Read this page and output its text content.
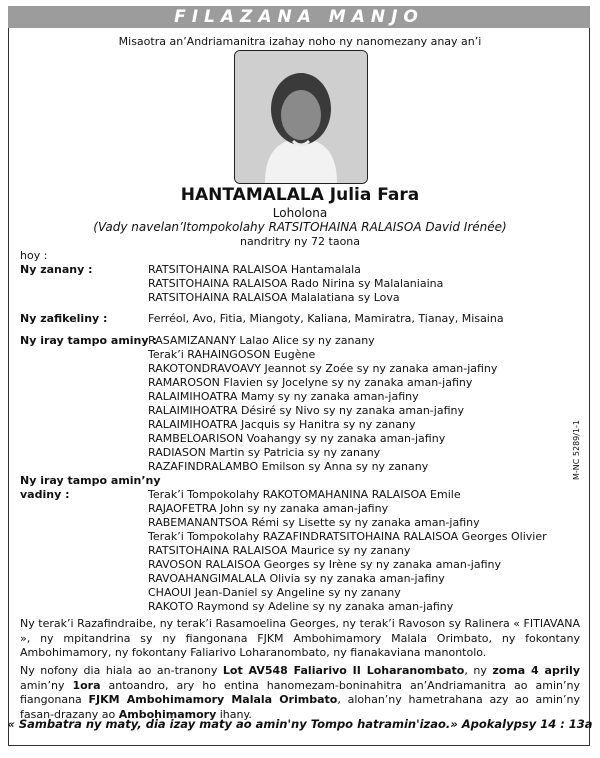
FILAZANA MANJO
Misaotra an’Andriamanitra izahay noho ny nanomezany anay an’i
HANTAMALALA Julia Fara
Loholona
(Vady navelan’Itompokolahy RATSITOHAINA RALAISOA David Irénée)
nandritry ny 72 taona
hoy :
Ny zanany :	RATSITOHAINA RALAISOA Hantamalala
RATSITOHAINA RALAISOA Rado Nirina sy Malalaniaina
RATSITOHAINA RALAISOA Malalatiana sy Lova
Ny zafikeliny :	Ferréol, Avo, Fitia, Miangoty, Kaliana, Mamiratra, Tianay, Misaina
Ny iray tampo aminy :
RASAMIZANANY Lalao Alice sy ny zanany
Terak’i RAHAINGOSON Eugène
RAKOTONDRAVOAVY Jeannot sy Zoée sy ny zanaka aman-jafiny
RAMAROSON Flavien sy Jocelyne sy ny zanaka aman-jafiny
RALAIMIHOATRA Mamy sy ny zanaka aman-jafiny
RALAIMIHOATRA Désiré sy Nivo sy ny zanaka aman-jafiny
RALAIMIHOATRA Jacquis sy Hanitra sy ny zanany
RAMBELOARISON Voahangy sy ny zanaka aman-jafiny
RADIASON Martin sy Patricia sy ny zanany
RAZAFINDRALAMBO Emilson sy Anna sy ny zanany
Ny iray tampo amin’ny
vadiny :	Terak’i Tompokolahy RAKOTOMAHANINA RALAISOA Emile
RAJAOFETRA John sy ny zanaka aman-jafiny
RABEMANANTSOA Rémi sy Lisette sy ny zanaka aman-jafiny
Terak’i Tompokolahy RAZAFINDRATSITOHAINA RALAISOA Georges Olivier
RATSITOHAINA RALAISOA Maurice sy ny zanany
RAVOSON RALAISOA Georges sy Irène sy ny zanaka aman-jafiny
RAVOAHANGIMALALA Olivia sy ny zanaka aman-jafiny
CHAOUI Jean-Daniel sy Angeline sy ny zanany
RAKOTO Raymond sy Adeline sy ny zanaka aman-jafiny
Ny terak’i Razafindraibe, ny terak’i Rasamoelina Georges, ny terak’i Ravoson sy Ralinera « FITIAVANA », ny mpitandrina sy ny fiangonana FJKM Ambohimamory Malala Orimbato, ny fokontany Ambohimamory, ny fokontany Faliarivo Loharanombato, ny fianakaviana manontolo.
Ny nofony dia hiala ao an-tranony Lot AV548 Faliarivo II Loharanombato, ny zoma 4 aprily amin’ny 1ora antoandro, ary ho entina hanomezam-boninahitra an’Andriamanitra ao amin’ny fiangonana FJKM Ambohimamory Malala Orimbato, alohan’ny hametrahana azy ao amin’ny fasan-drazany ao Ambohimamory ihany.
« Sambatra ny maty, dia izay maty ao amin'ny Tompo hatramin'izao.» Apokalypsy 14 : 13a
M-NC 5289/1-1
